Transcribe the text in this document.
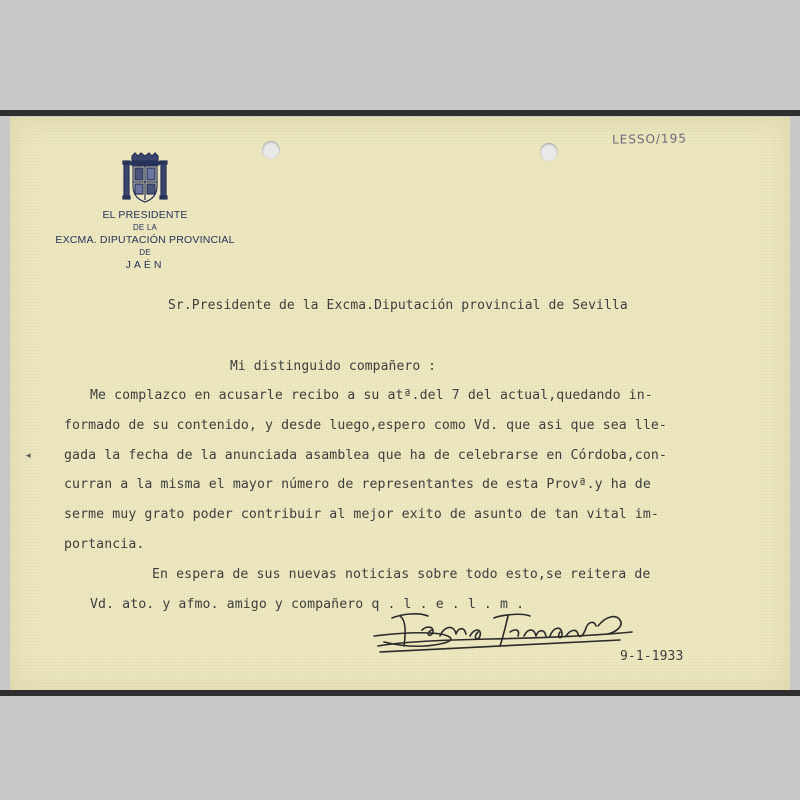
LESSO/195
EL PRESIDENTE
DE LA
EXCMA. DIPUTACIÓN PROVINCIAL
DE
JAÉN
Sr.Presidente de la Excma.Diputación provincial de Sevilla
Mi distinguido compañero :
Me complazco en acusarle recibo a su atª.del 7 del actual,quedando in-
formado de su contenido, y desde luego,espero como Vd. que asi que sea lle-
gada la fecha de la anunciada asamblea que ha de celebrarse en Córdoba,con-
curran a la misma el mayor número de representantes de esta Provª.y ha de
serme muy grato poder contribuir al mejor exito de asunto de tan vital im-
portancia.
En espera de sus nuevas noticias sobre todo esto,se reitera de
Vd. ato. y afmo. amigo y compañero q . l . e . l . m .
◂
9-1-1933
